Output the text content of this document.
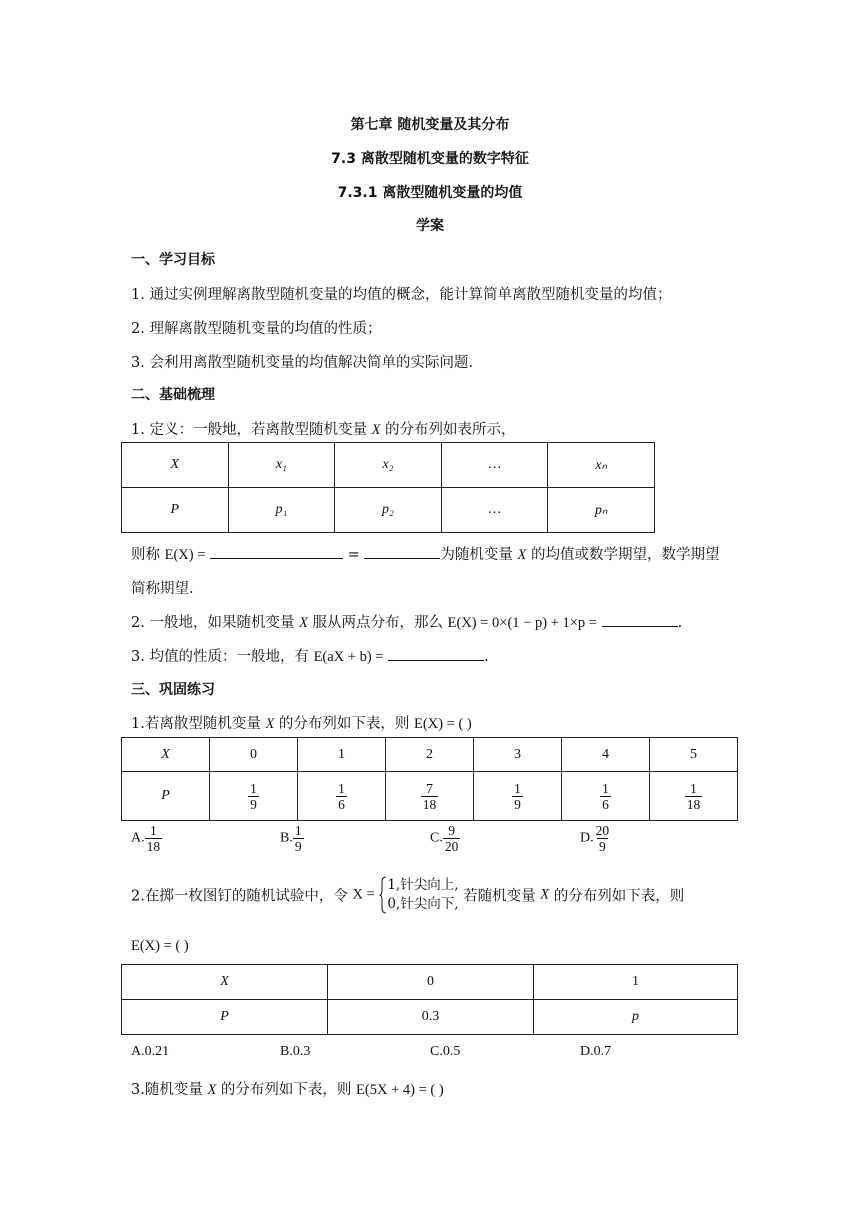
第七章 随机变量及其分布
7.3 离散型随机变量的数字特征
7.3.1 离散型随机变量的均值
学案
一、学习目标
1. 通过实例理解离散型随机变量的均值的概念，能计算简单离散型随机变量的均值；
2. 理解离散型随机变量的均值的性质；
3. 会利用离散型随机变量的均值解决简单的实际问题.
二、基础梳理
1. 定义：一般地，若离散型随机变量 X 的分布列如表所示，
X	x₁	x₂	…	xₙ
P	p₁	p₂	…	pₙ
则称 E(X) =	=	为随机变量 X 的均值或数学期望，数学期望
简称期望.
2. 一般地，如果随机变量 X 服从两点分布，那么 E(X) = 0×(1 − p) + 1×p =	.
3. 均值的性质：一般地，有 E(aX + b) =	.
三、巩固练习
1.若离散型随机变量 X 的分布列如下表，则 E(X) = ( )
X	0	1	2	3	4	5
P	$\frac{1}{9}$	$\frac{1}{6}$	$\frac{7}{18}$	$\frac{1}{9}$	$\frac{1}{6}$	$\frac{1}{18}$
A. $\frac{1}{18}$	B. $\frac{1}{9}$	C. $\frac{9}{20}$	D. $\frac{20}{9}$
2.在掷一枚图钉的随机试验中，令 X =
1,针尖向上,
0,针尖向下, 若随机变量 X 的分布列如下表，则
E(X) = ( )
X	0	1
P	0.3	p
A.0.21	B.0.3	C.0.5	D.0.7
3.随机变量 X 的分布列如下表，则 E(5X + 4) = ( )
